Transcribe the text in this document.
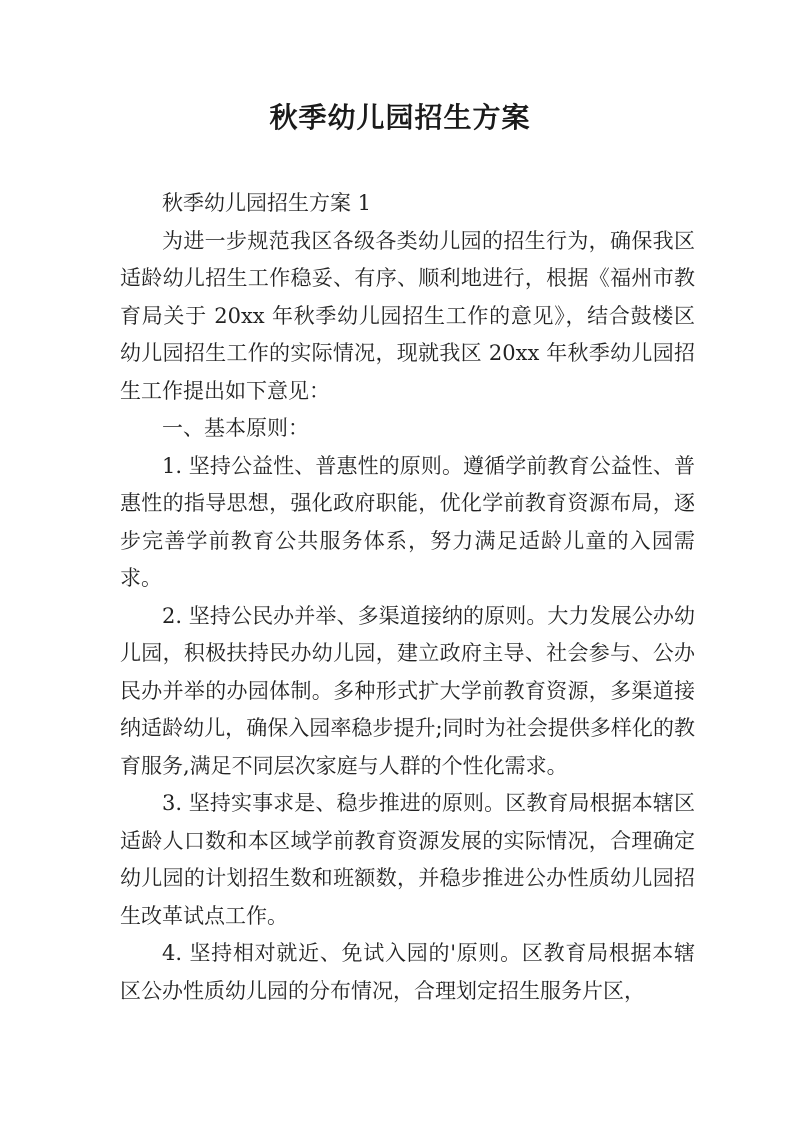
秋季幼儿园招生方案

秋季幼儿园招生方案 1

为进一步规范我区各级各类幼儿园的招生行为，确保我区适龄幼儿招生工作稳妥、有序、顺利地进行，根据《福州市教育局关于 20xx 年秋季幼儿园招生工作的意见》，结合鼓楼区幼儿园招生工作的实际情况，现就我区 20xx 年秋季幼儿园招生工作提出如下意见：

一、基本原则：

1. 坚持公益性、普惠性的原则。遵循学前教育公益性、普惠性的指导思想，强化政府职能，优化学前教育资源布局，逐步完善学前教育公共服务体系，努力满足适龄儿童的入园需求。

2. 坚持公民办并举、多渠道接纳的原则。大力发展公办幼儿园，积极扶持民办幼儿园，建立政府主导、社会参与、公办民办并举的办园体制。多种形式扩大学前教育资源，多渠道接纳适龄幼儿，确保入园率稳步提升;同时为社会提供多样化的教育服务,满足不同层次家庭与人群的个性化需求。

3. 坚持实事求是、稳步推进的原则。区教育局根据本辖区适龄人口数和本区域学前教育资源发展的实际情况，合理确定幼儿园的计划招生数和班额数，并稳步推进公办性质幼儿园招生改革试点工作。

4. 坚持相对就近、免试入园的'原则。区教育局根据本辖区公办性质幼儿园的分布情况，合理划定招生服务片区，
